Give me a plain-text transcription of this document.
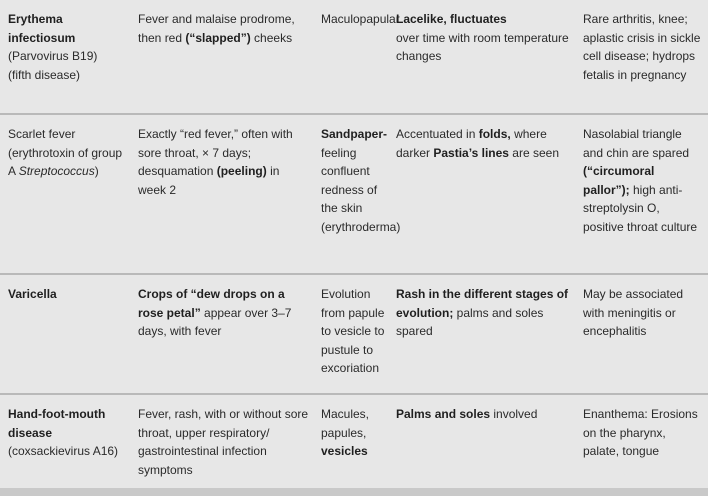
Erythema infectiosum
(Parvovirus B19)
(fifth disease)
Fever and malaise prodrome, then red (“slapped”) cheeks
Maculopapular
Lacelike, fluctuates
over time with room temperature changes
Rare arthritis, knee; aplastic crisis in sickle cell disease; hydrops fetalis in pregnancy
Scarlet fever (erythrotoxin of group A Streptococcus)
Exactly “red fever,” often with sore throat, × 7 days; desquamation (peeling) in week 2
Sandpaper- feeling confluent redness of the skin (erythroderma)
Accentuated in folds, where darker Pastia’s lines are seen
Nasolabial triangle and chin are spared (“circumoral pallor”); high anti-streptolysin O, positive throat culture
Varicella	Crops of “dew drops on a rose petal” appear over 3–7 days, with fever
Evolution from papule to vesicle to pustule to excoriation
Rash in the different stages of evolution; palms and soles spared
May be associated with meningitis or encephalitis
Hand-foot-mouth disease (coxsackievirus A16)
Fever, rash, with or without sore throat, upper respiratory/ gastrointestinal infection symptoms
Macules, papules, vesicles
Palms and soles involved	Enanthema: Erosions on the pharynx, palate, tongue
